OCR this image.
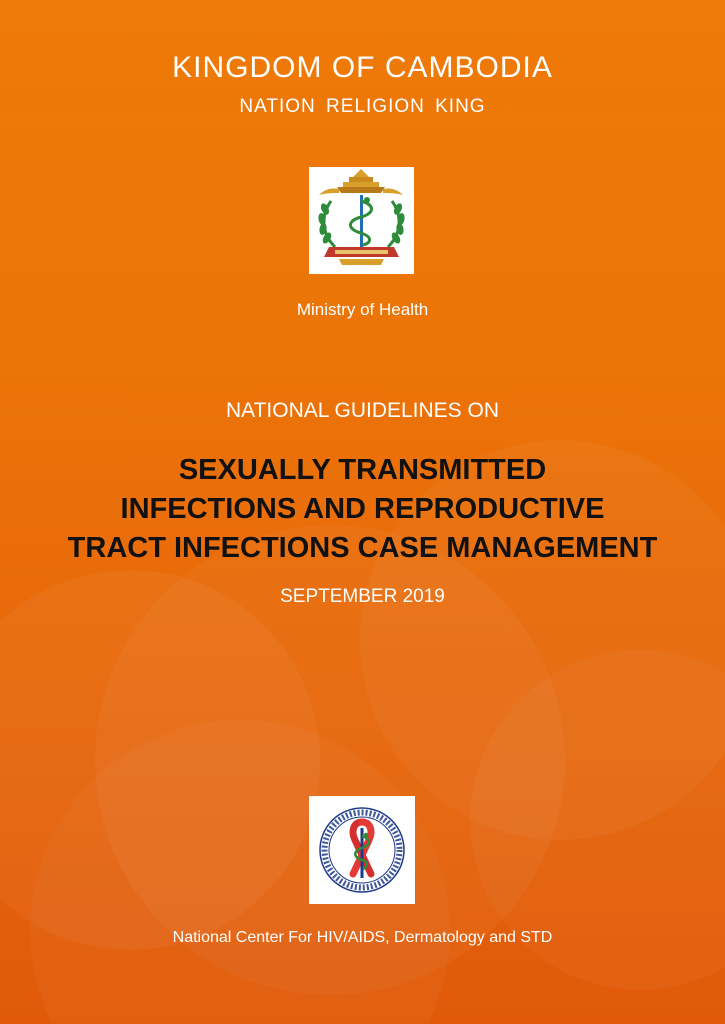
KINGDOM OF CAMBODIA
NATION RELIGION KING
Ministry of Health
NATIONAL GUIDELINES ON
SEXUALLY TRANSMITTED
INFECTIONS AND REPRODUCTIVE
TRACT INFECTIONS CASE MANAGEMENT
SEPTEMBER 2019
National Center For HIV/AIDS, Dermatology and STD
